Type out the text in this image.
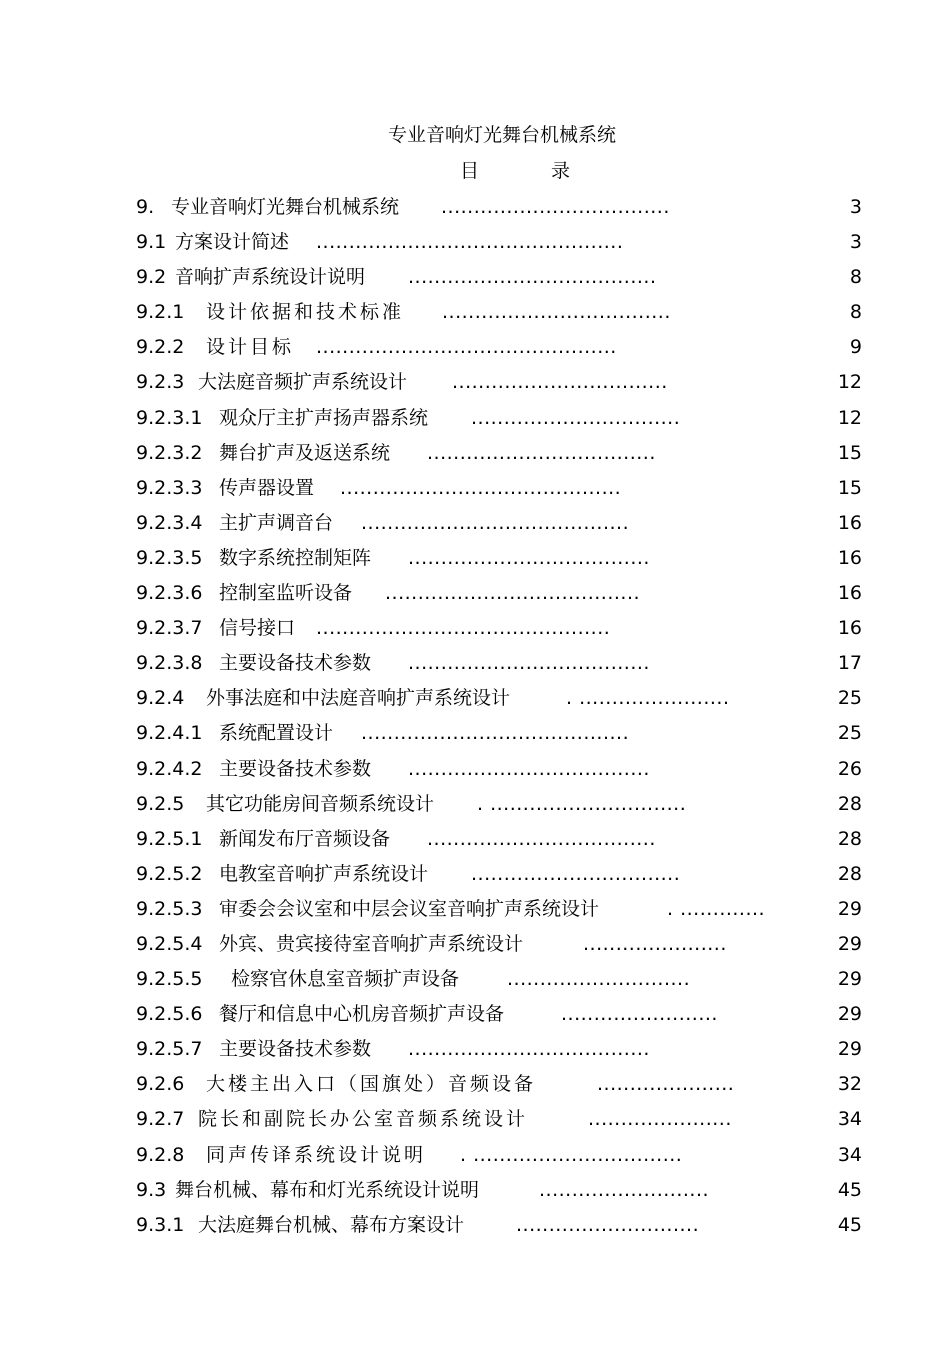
专业音响灯光舞台机械系统
目	录
9. 专业音响灯光舞台机械系统 ...................................	3
9.1 方案设计简述 ...............................................	3
9.2 音响扩声系统设计说明 ......................................	8
9.2.1 设计依据和技术标准 ...................................	8
9.2.2 设计目标 ..............................................	9
9.2.3 大法庭音频扩声系统设计 .................................	12
9.2.3.1 观众厅主扩声扬声器系统 ................................	12
9.2.3.2 舞台扩声及返送系统 ...................................	15
9.2.3.3 传声器设置 ...........................................	15
9.2.3.4 主扩声调音台 .........................................	16
9.2.3.5 数字系统控制矩阵 .....................................	16
9.2.3.6 控制室监听设备 .......................................	16
9.2.3.7 信号接口 .............................................	16
9.2.3.8 主要设备技术参数 .....................................	17
9.2.4 外事法庭和中法庭音响扩声系统设计	. .......................	25
9.2.4.1 系统配置设计 .........................................	25
9.2.4.2 主要设备技术参数 .....................................	26
9.2.5 其它功能房间音频系统设计 . ..............................	28
9.2.5.1 新闻发布厅音频设备 ...................................	28
9.2.5.2 电教室音响扩声系统设计 ................................	28
9.2.5.3 审委会会议室和中层会议室音响扩声系统设计	. .............	29
9.2.5.4 外宾、贵宾接待室音响扩声系统设计	......................	29
9.2.5.5 检察官休息室音频扩声设备	............................	29
9.2.5.6 餐厅和信息中心机房音频扩声设备	........................	29
9.2.5.7 主要设备技术参数 .....................................	29
9.2.6 大楼主出入口（国旗处）音频设备	.....................	32
9.2.7 院长和副院长办公室音频系统设计	......................	34
9.2.8 同声传译系统设计说明 . ................................	34
9.3 舞台机械、幕布和灯光系统设计说明	..........................	45
9.3.1 大法庭舞台机械、幕布方案设计	............................	45
